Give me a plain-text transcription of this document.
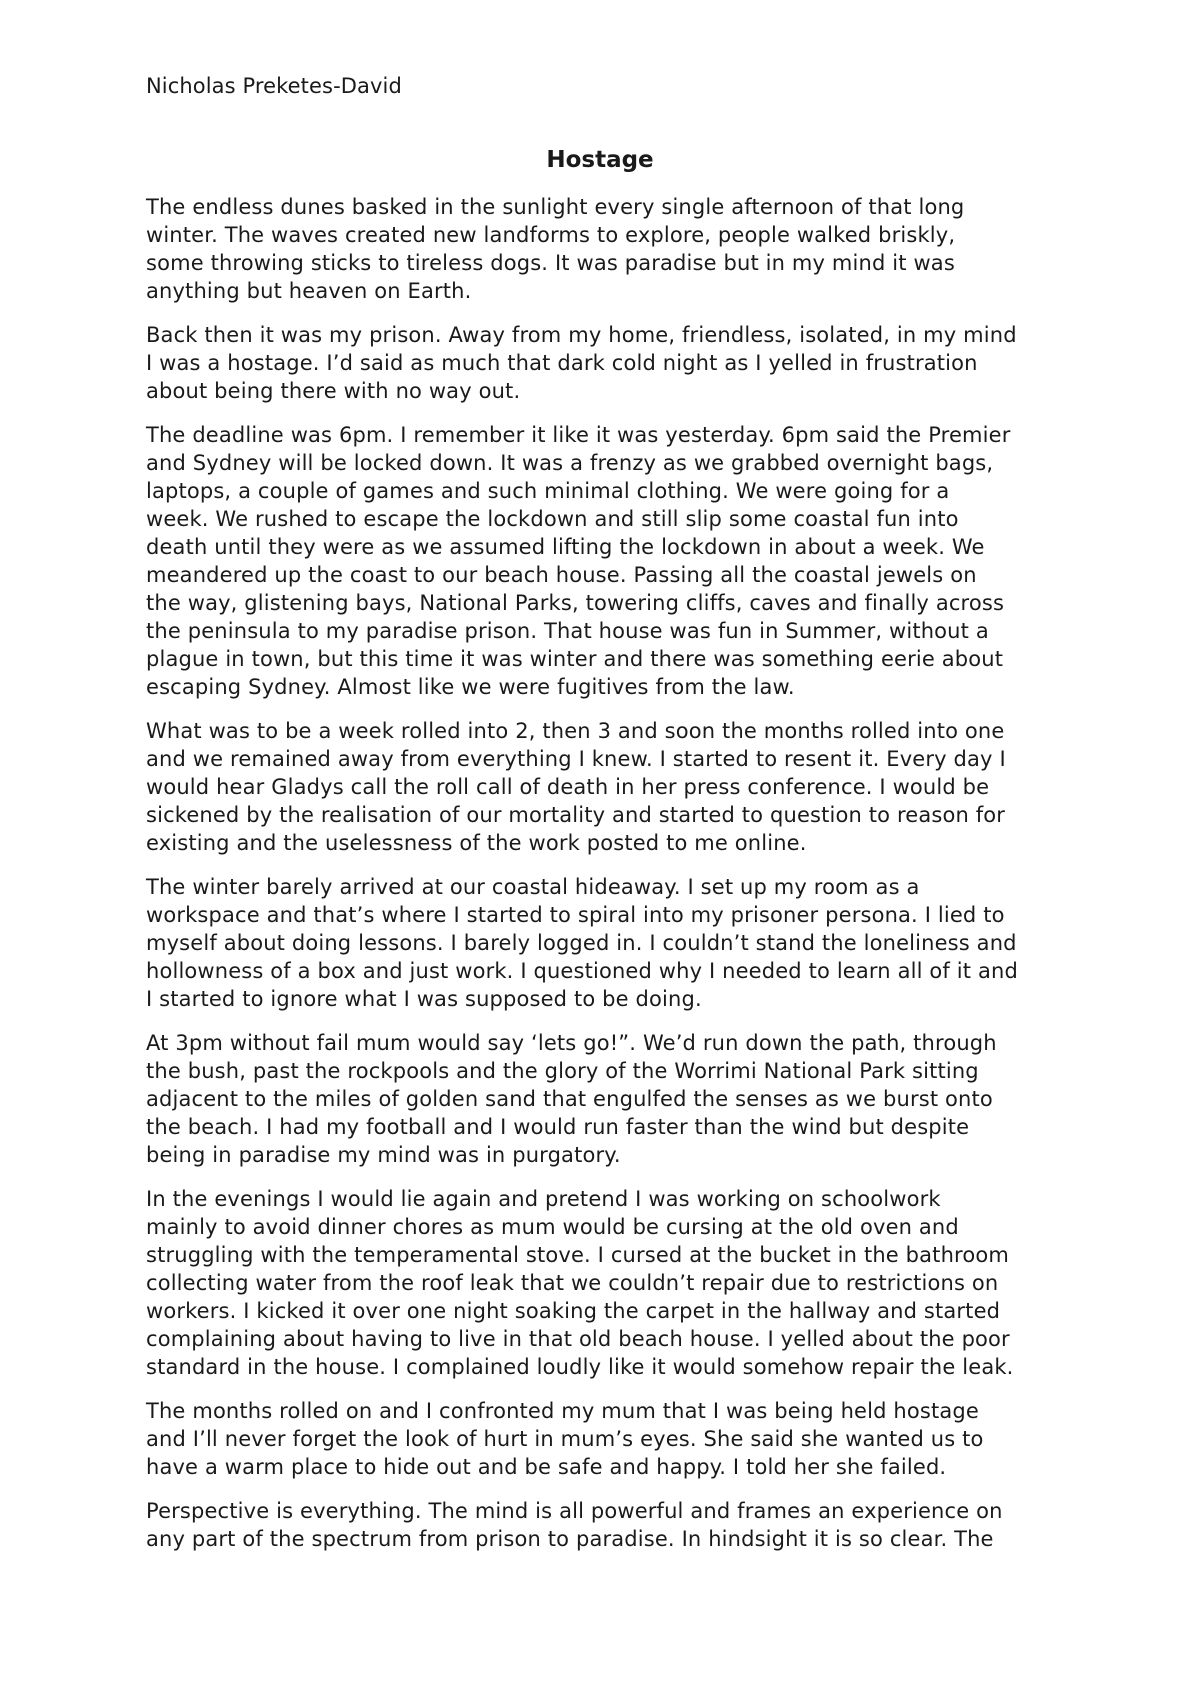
Nicholas Preketes-David
Hostage

The endless dunes basked in the sunlight every single afternoon of that long
winter. The waves created new landforms to explore, people walked briskly,
some throwing sticks to tireless dogs. It was paradise but in my mind it was
anything but heaven on Earth.

Back then it was my prison. Away from my home, friendless, isolated, in my mind
I was a hostage. I’d said as much that dark cold night as I yelled in frustration
about being there with no way out.

The deadline was 6pm. I remember it like it was yesterday. 6pm said the Premier
and Sydney will be locked down. It was a frenzy as we grabbed overnight bags,
laptops, a couple of games and such minimal clothing. We were going for a
week. We rushed to escape the lockdown and still slip some coastal fun into
death until they were as we assumed lifting the lockdown in about a week. We
meandered up the coast to our beach house. Passing all the coastal jewels on
the way, glistening bays, National Parks, towering cliffs, caves and finally across
the peninsula to my paradise prison. That house was fun in Summer, without a
plague in town, but this time it was winter and there was something eerie about
escaping Sydney. Almost like we were fugitives from the law.

What was to be a week rolled into 2, then 3 and soon the months rolled into one
and we remained away from everything I knew. I started to resent it. Every day I
would hear Gladys call the roll call of death in her press conference. I would be
sickened by the realisation of our mortality and started to question to reason for
existing and the uselessness of the work posted to me online.

The winter barely arrived at our coastal hideaway. I set up my room as a
workspace and that’s where I started to spiral into my prisoner persona. I lied to
myself about doing lessons. I barely logged in. I couldn’t stand the loneliness and
hollowness of a box and just work. I questioned why I needed to learn all of it and
I started to ignore what I was supposed to be doing.

At 3pm without fail mum would say ‘lets go!”. We’d run down the path, through
the bush, past the rockpools and the glory of the Worrimi National Park sitting
adjacent to the miles of golden sand that engulfed the senses as we burst onto
the beach. I had my football and I would run faster than the wind but despite
being in paradise my mind was in purgatory.

In the evenings I would lie again and pretend I was working on schoolwork
mainly to avoid dinner chores as mum would be cursing at the old oven and
struggling with the temperamental stove. I cursed at the bucket in the bathroom
collecting water from the roof leak that we couldn’t repair due to restrictions on
workers. I kicked it over one night soaking the carpet in the hallway and started
complaining about having to live in that old beach house. I yelled about the poor
standard in the house. I complained loudly like it would somehow repair the leak.

The months rolled on and I confronted my mum that I was being held hostage
and I’ll never forget the look of hurt in mum’s eyes. She said she wanted us to
have a warm place to hide out and be safe and happy. I told her she failed.

Perspective is everything. The mind is all powerful and frames an experience on
any part of the spectrum from prison to paradise. In hindsight it is so clear. The
